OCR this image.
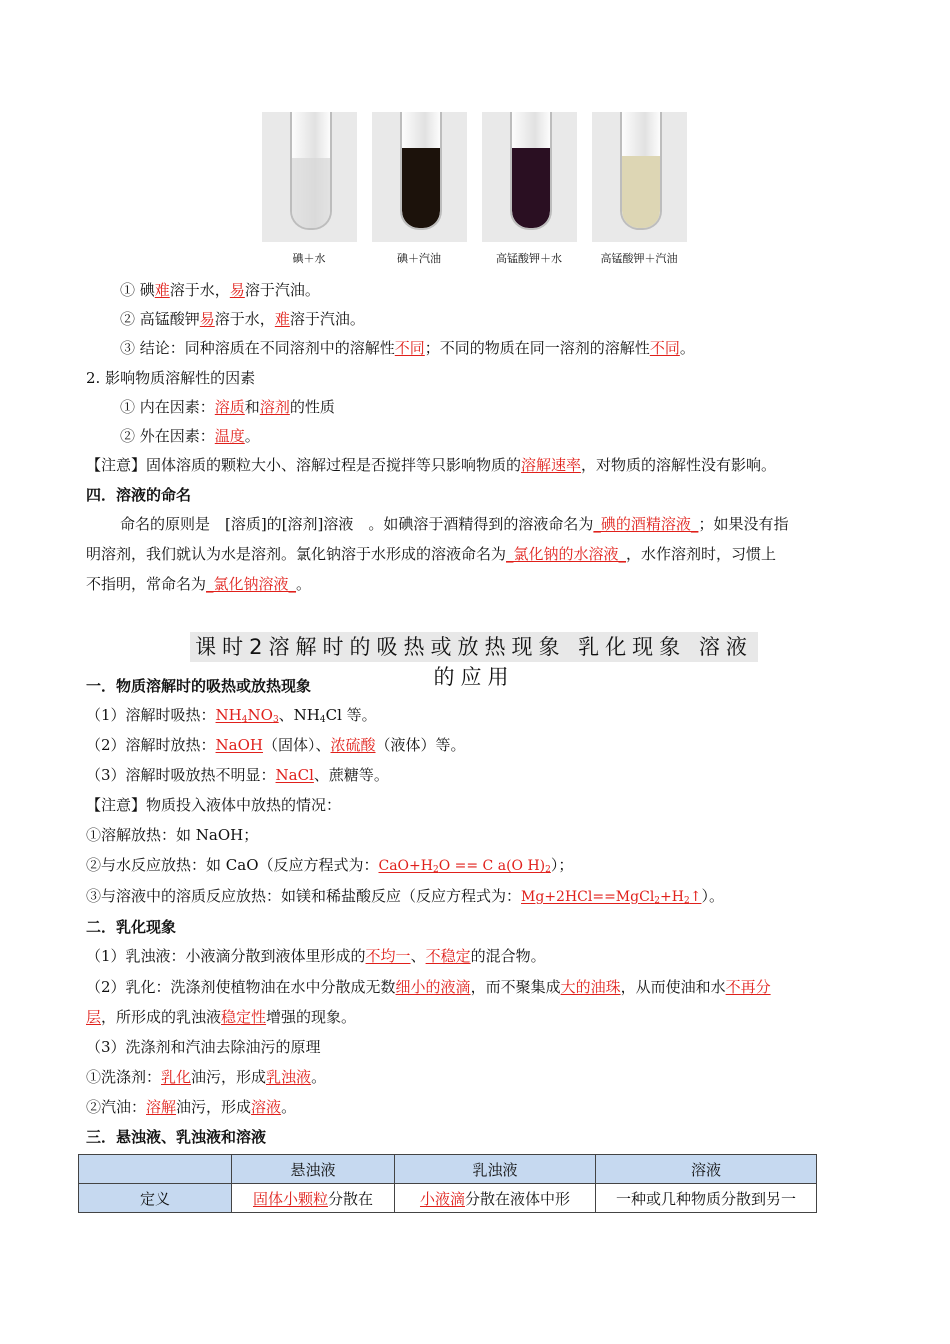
碘＋水	碘＋汽油	高锰酸钾＋水	高锰酸钾＋汽油
① 碘难溶于水，易溶于汽油。
② 高锰酸钾易溶于水，难溶于汽油。
③ 结论：同种溶质在不同溶剂中的溶解性不同；不同的物质在同一溶剂的溶解性不同。
2. 影响物质溶解性的因素
① 内在因素：溶质和溶剂的性质
② 外在因素：温度。
【注意】固体溶质的颗粒大小、溶解过程是否搅拌等只影响物质的溶解速率，对物质的溶解性没有影响。
四．溶液的命名
命名的原则是　[溶质]的[溶剂]溶液　。如碘溶于酒精得到的溶液命名为_碘的酒精溶液_；如果没有指
明溶剂，我们就认为水是溶剂。氯化钠溶于水形成的溶液命名为_氯化钠的水溶液_，水作溶剂时，习惯上
不指明，常命名为_氯化钠溶液_。
课时2溶解时的吸热或放热现象 乳化现象 溶液的应用
一．物质溶解时的吸热或放热现象
（1）溶解时吸热：$NH_4NO_3$、$NH_4Cl$ 等。
（2）溶解时放热：NaOH（固体）、浓硫酸（液体）等。
（3）溶解时吸放热不明显：NaCl、蔗糖等。
【注意】物质投入液体中放热的情况：
①溶解放热：如 NaOH；
②与水反应放热：如 CaO（反应方程式为：$CaO+H_2O == C$ a(O $H)_2$）；
③与溶液中的溶质反应放热：如镁和稀盐酸反应（反应方程式为：$Mg+2HCl==MgCl_2+H_2↑$）。
二．乳化现象
（1）乳浊液：小液滴分散到液体里形成的不均一、不稳定的混合物。
（2）乳化：洗涤剂使植物油在水中分散成无数细小的液滴，而不聚集成大的油珠，从而使油和水不再分
层，所形成的乳浊液稳定性增强的现象。
（3）洗涤剂和汽油去除油污的原理
①洗涤剂：乳化油污，形成乳浊液。
②汽油：溶解油污，形成溶液。
三．悬浊液、乳浊液和溶液
	悬浊液	乳浊液	溶液
定义	固体小颗粒分散在	小液滴分散在液体中形	一种或几种物质分散到另一
